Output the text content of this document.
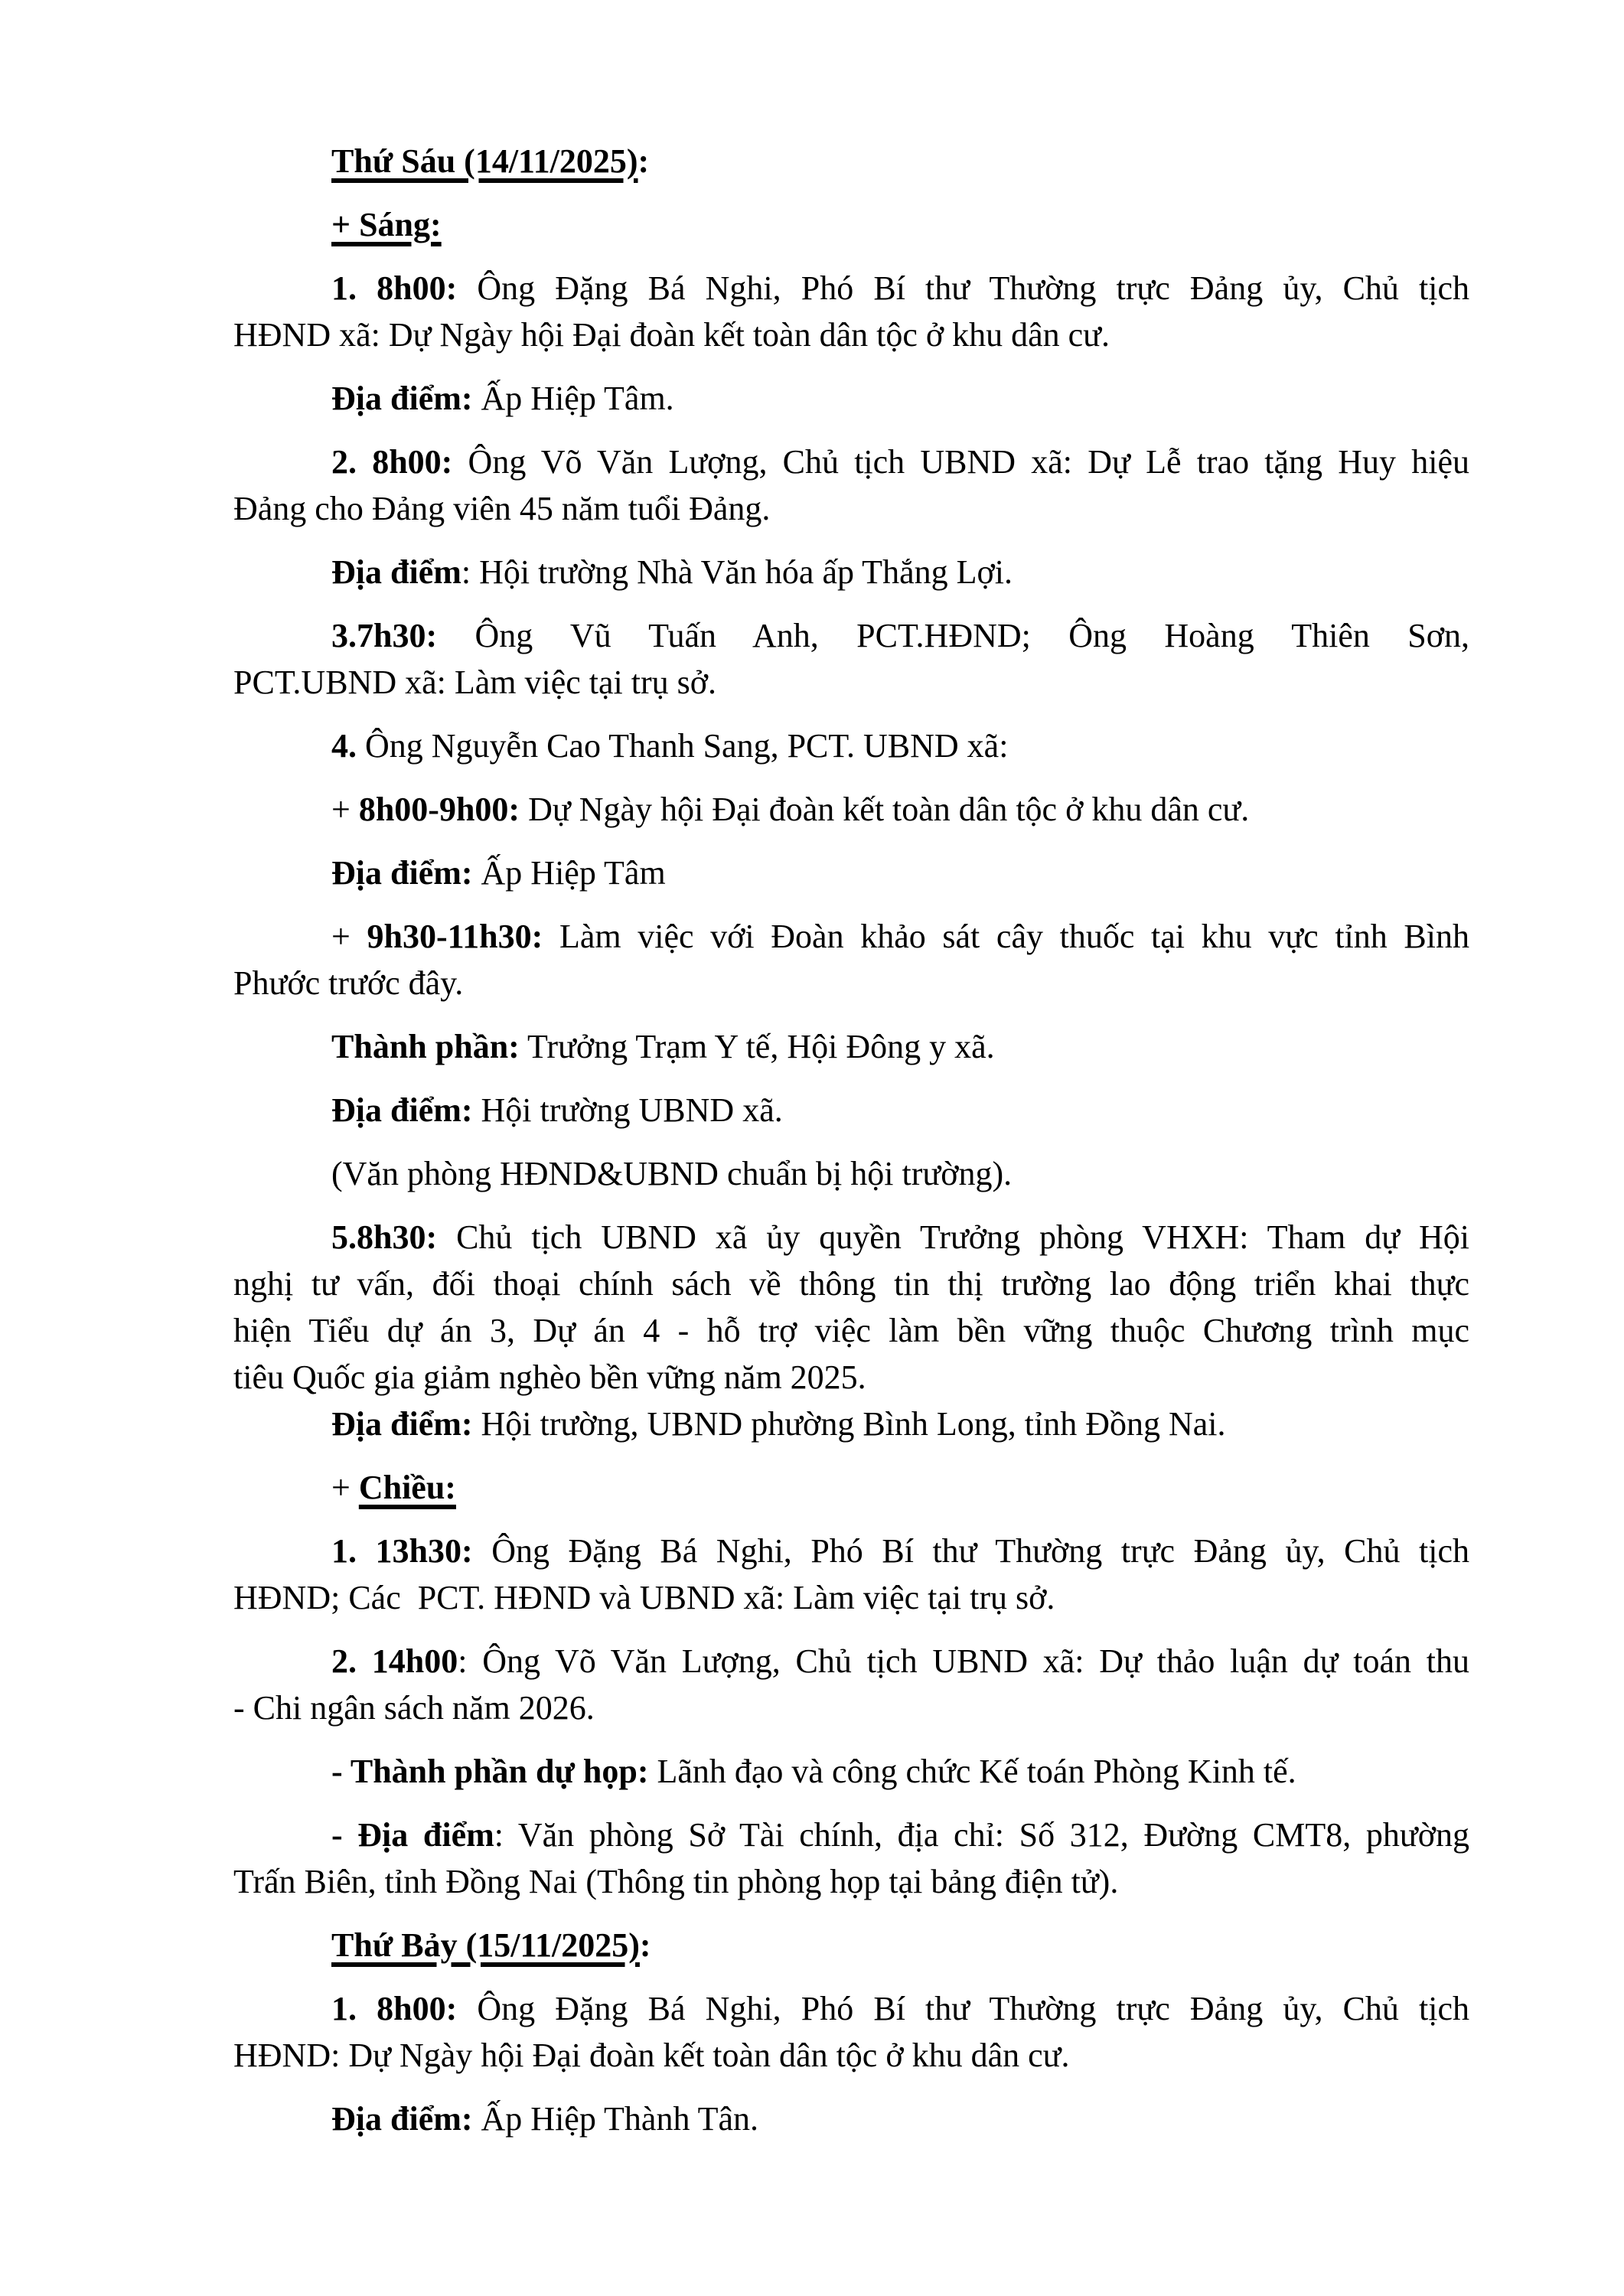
Thứ Sáu (14/11/2025):
+ Sáng:
1. 8h00: Ông Đặng Bá Nghi, Phó Bí thư Thường trực Đảng ủy, Chủ tịch
HĐND xã: Dự Ngày hội Đại đoàn kết toàn dân tộc ở khu dân cư.
Địa điểm: Ấp Hiệp Tâm.
2. 8h00: Ông Võ Văn Lượng, Chủ tịch UBND xã: Dự Lễ trao tặng Huy hiệu
Đảng cho Đảng viên 45 năm tuổi Đảng.
Địa điểm: Hội trường Nhà Văn hóa ấp Thắng Lợi.
3.7h30: Ông Vũ Tuấn Anh, PCT.HĐND; Ông Hoàng Thiên Sơn,
PCT.UBND xã: Làm việc tại trụ sở.
4. Ông Nguyễn Cao Thanh Sang, PCT. UBND xã:
+ 8h00-9h00: Dự Ngày hội Đại đoàn kết toàn dân tộc ở khu dân cư.
Địa điểm: Ấp Hiệp Tâm
+ 9h30-11h30: Làm việc với Đoàn khảo sát cây thuốc tại khu vực tỉnh Bình
Phước trước đây.
Thành phần: Trưởng Trạm Y tế, Hội Đông y xã.
Địa điểm: Hội trường UBND xã.
(Văn phòng HĐND&UBND chuẩn bị hội trường).
5.8h30: Chủ tịch UBND xã ủy quyền Trưởng phòng VHXH: Tham dự Hội
nghị tư vấn, đối thoại chính sách về thông tin thị trường lao động triển khai thực
hiện Tiểu dự án 3, Dự án 4 - hỗ trợ việc làm bền vững thuộc Chương trình mục
tiêu Quốc gia giảm nghèo bền vững năm 2025.
Địa điểm: Hội trường, UBND phường Bình Long, tỉnh Đồng Nai.
+ Chiều:
1. 13h30: Ông Đặng Bá Nghi, Phó Bí thư Thường trực Đảng ủy, Chủ tịch
HĐND; Các  PCT. HĐND và UBND xã: Làm việc tại trụ sở.
2. 14h00: Ông Võ Văn Lượng, Chủ tịch UBND xã: Dự thảo luận dự toán thu
- Chi ngân sách năm 2026.
- Thành phần dự họp: Lãnh đạo và công chức Kế toán Phòng Kinh tế.
- Địa điểm: Văn phòng Sở Tài chính, địa chỉ: Số 312, Đường CMT8, phường
Trấn Biên, tỉnh Đồng Nai (Thông tin phòng họp tại bảng điện tử).
Thứ Bảy (15/11/2025):
1. 8h00: Ông Đặng Bá Nghi, Phó Bí thư Thường trực Đảng ủy, Chủ tịch
HĐND: Dự Ngày hội Đại đoàn kết toàn dân tộc ở khu dân cư.
Địa điểm: Ấp Hiệp Thành Tân.
